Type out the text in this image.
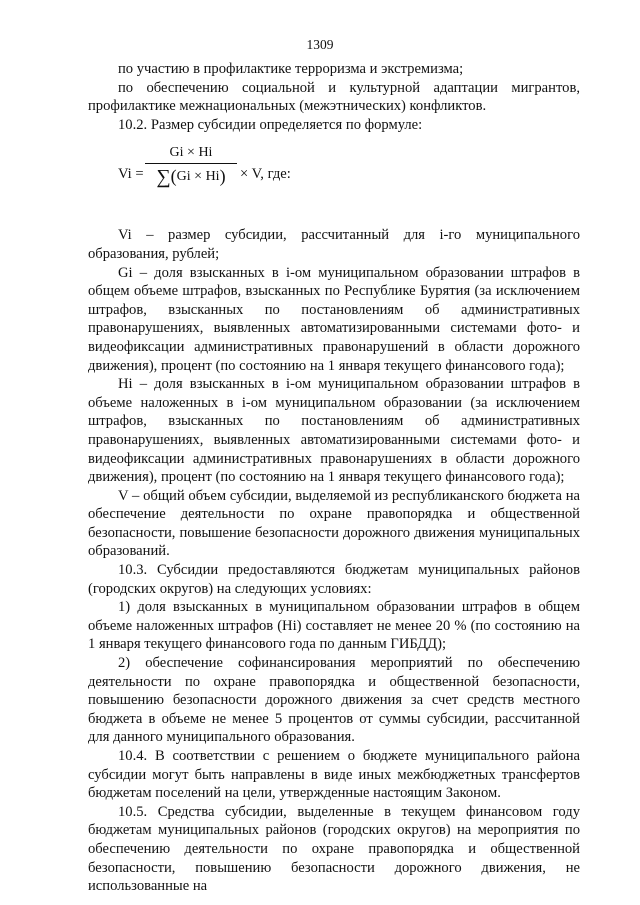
1309

по участию в профилактике терроризма и экстремизма;

по обеспечению социальной и культурной адаптации мигрантов, профилактике межнациональных (межэтнических) конфликтов.

10.2. Размер субсидии определяется по формуле:

Vi =
Gi × Hi
∑(Gi × Hi) × V, где:

Vi – размер субсидии, рассчитанный для i-го муниципального образования, рублей;

Gi – доля взысканных в i-ом муниципальном образовании штрафов в общем объеме штрафов, взысканных по Республике Бурятия (за исключением штрафов, взысканных по постановлениям об административных правонарушениях, выявленных автоматизированными системами фото- и видеофиксации административных правонарушений в области дорожного движения), процент (по состоянию на 1 января текущего финансового года);

Hi – доля взысканных в i-ом муниципальном образовании штрафов в объеме наложенных в i-ом муниципальном образовании (за исключением штрафов, взысканных по постановлениям об административных правонарушениях, выявленных автоматизированными системами фото- и видеофиксации административных правонарушениях в области дорожного движения), процент (по состоянию на 1 января текущего финансового года);

V – общий объем субсидии, выделяемой из республиканского бюджета на обеспечение деятельности по охране правопорядка и общественной безопасности, повышение безопасности дорожного движения муниципальных образований.

10.3. Субсидии предоставляются бюджетам муниципальных районов (городских округов) на следующих условиях:

1) доля взысканных в муниципальном образовании штрафов в общем объеме наложенных штрафов (Hi) составляет не менее 20 % (по состоянию на 1 января текущего финансового года по данным ГИБДД);

2) обеспечение софинансирования мероприятий по обеспечению деятельности по охране правопорядка и общественной безопасности, повышению безопасности дорожного движения за счет средств местного бюджета в объеме не менее 5 процентов от суммы субсидии, рассчитанной для данного муниципального образования.

10.4. В соответствии с решением о бюджете муниципального района субсидии могут быть направлены в виде иных межбюджетных трансфертов бюджетам поселений на цели, утвержденные настоящим Законом.

10.5. Средства субсидии, выделенные в текущем финансовом году бюджетам муниципальных районов (городских округов) на мероприятия по обеспечению деятельности по охране правопорядка и общественной безопасности, повышению безопасности дорожного движения, не использованные на
